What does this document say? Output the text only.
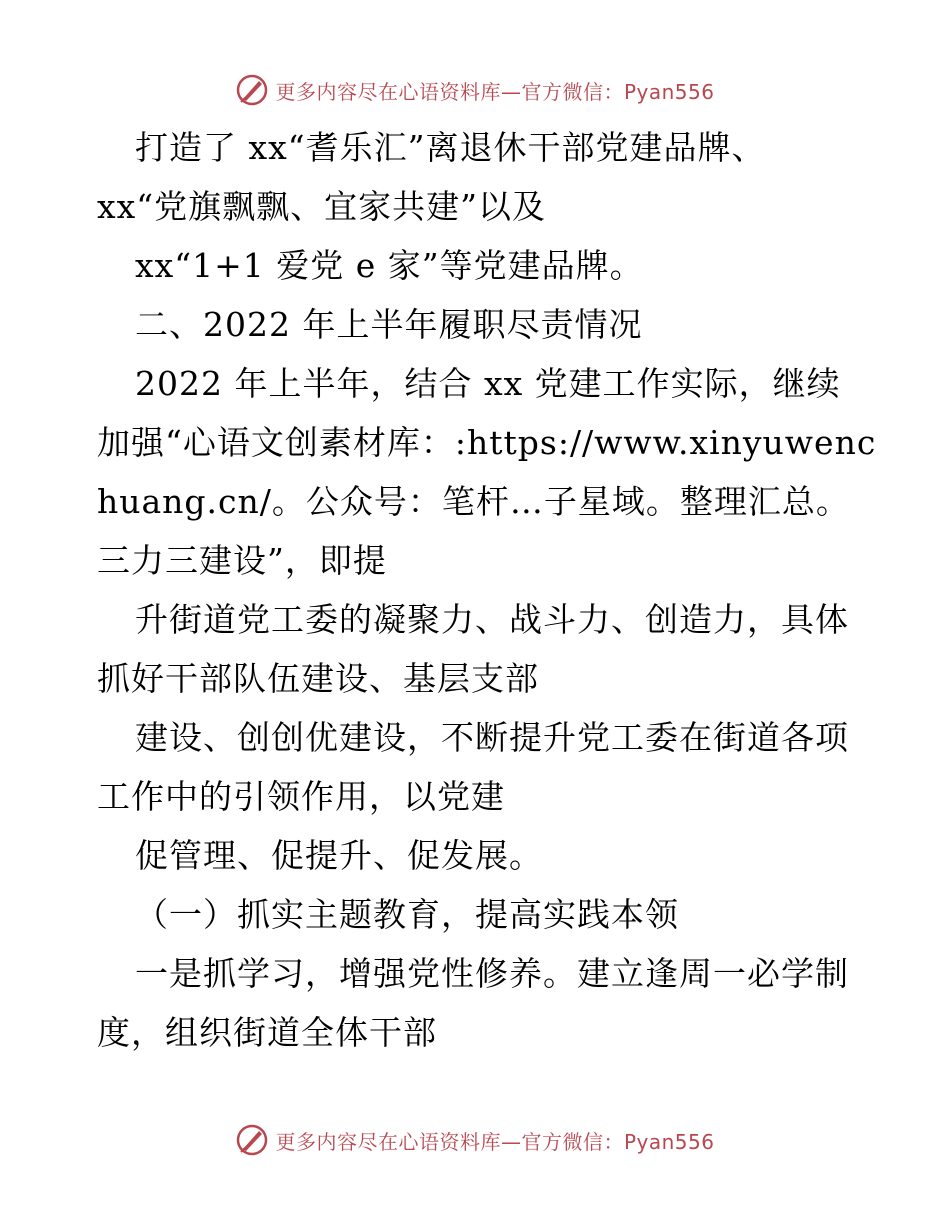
更多内容尽在心语资料库—官方微信：Pyan556
打造了 xx“耆乐汇”离退休干部党建品牌、
xx“党旗飘飘、宜家共建”以及
xx“1+1 爱党 e 家”等党建品牌。
二、2022 年上半年履职尽责情况
2022 年上半年，结合 xx 党建工作实际，继续
加强“心语文创素材库：:https://www.xinyuwenc
huang.cn/。公众号：笔杆…子星域。整理汇总。
三力三建设”，即提
升街道党工委的凝聚力、战斗力、创造力，具体
抓好干部队伍建设、基层支部
建设、创创优建设，不断提升党工委在街道各项
工作中的引领作用，以党建
促管理、促提升、促发展。
（一）抓实主题教育，提高实践本领
一是抓学习，增强党性修养。建立逢周一必学制
度，组织街道全体干部
更多内容尽在心语资料库—官方微信：Pyan556
